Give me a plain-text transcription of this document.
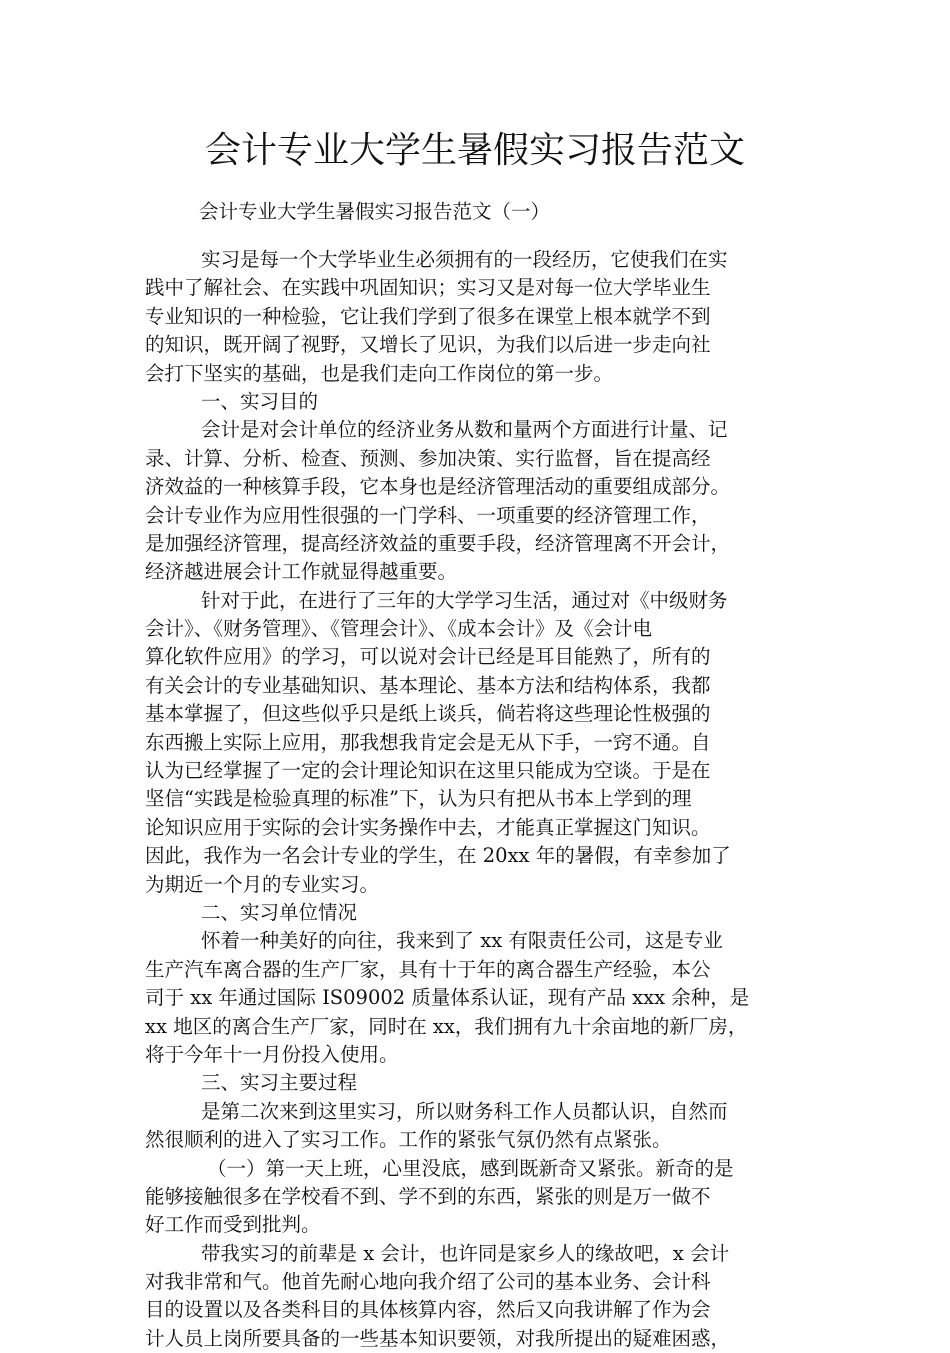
会计专业大学生暑假实习报告范文

会计专业大学生暑假实习报告范文（一）

实习是每一个大学毕业生必须拥有的一段经历，它使我们在实
践中了解社会、在实践中巩固知识；实习又是对每一位大学毕业生
专业知识的一种检验，它让我们学到了很多在课堂上根本就学不到
的知识，既开阔了视野，又增长了见识，为我们以后进一步走向社
会打下坚实的基础，也是我们走向工作岗位的第一步。
一、实习目的
会计是对会计单位的经济业务从数和量两个方面进行计量、记
录、计算、分析、检查、预测、参加决策、实行监督，旨在提高经
济效益的一种核算手段，它本身也是经济管理活动的重要组成部分。
会计专业作为应用性很强的一门学科、一项重要的经济管理工作，
是加强经济管理，提高经济效益的重要手段，经济管理离不开会计，
经济越进展会计工作就显得越重要。
针对于此，在进行了三年的大学学习生活，通过对《中级财务
会计》、《财务管理》、《管理会计》、《成本会计》及《会计电
算化软件应用》的学习，可以说对会计已经是耳目能熟了，所有的
有关会计的专业基础知识、基本理论、基本方法和结构体系，我都
基本掌握了，但这些似乎只是纸上谈兵，倘若将这些理论性极强的
东西搬上实际上应用，那我想我肯定会是无从下手，一窍不通。自
认为已经掌握了一定的会计理论知识在这里只能成为空谈。于是在
坚信“实践是检验真理的标准”下，认为只有把从书本上学到的理
论知识应用于实际的会计实务操作中去，才能真正掌握这门知识。
因此，我作为一名会计专业的学生，在 20xx 年的暑假，有幸参加了
为期近一个月的专业实习。
二、实习单位情况
怀着一种美好的向往，我来到了 xx 有限责任公司，这是专业
生产汽车离合器的生产厂家，具有十于年的离合器生产经验，本公
司于 xx 年通过国际 IS09002 质量体系认证，现有产品 xxx 余种，是
xx 地区的离合生产厂家，同时在 xx，我们拥有九十余亩地的新厂房，
将于今年十一月份投入使用。
三、实习主要过程
是第二次来到这里实习，所以财务科工作人员都认识，自然而
然很顺利的进入了实习工作。工作的紧张气氛仍然有点紧张。
（一）第一天上班，心里没底，感到既新奇又紧张。新奇的是
能够接触很多在学校看不到、学不到的东西，紧张的则是万一做不
好工作而受到批判。
带我实习的前辈是 x 会计，也许同是家乡人的缘故吧，x 会计
对我非常和气。他首先耐心地向我介绍了公司的基本业务、会计科
目的设置以及各类科目的具体核算内容，然后又向我讲解了作为会
计人员上岗所要具备的一些基本知识要领，对我所提出的疑难困惑，
